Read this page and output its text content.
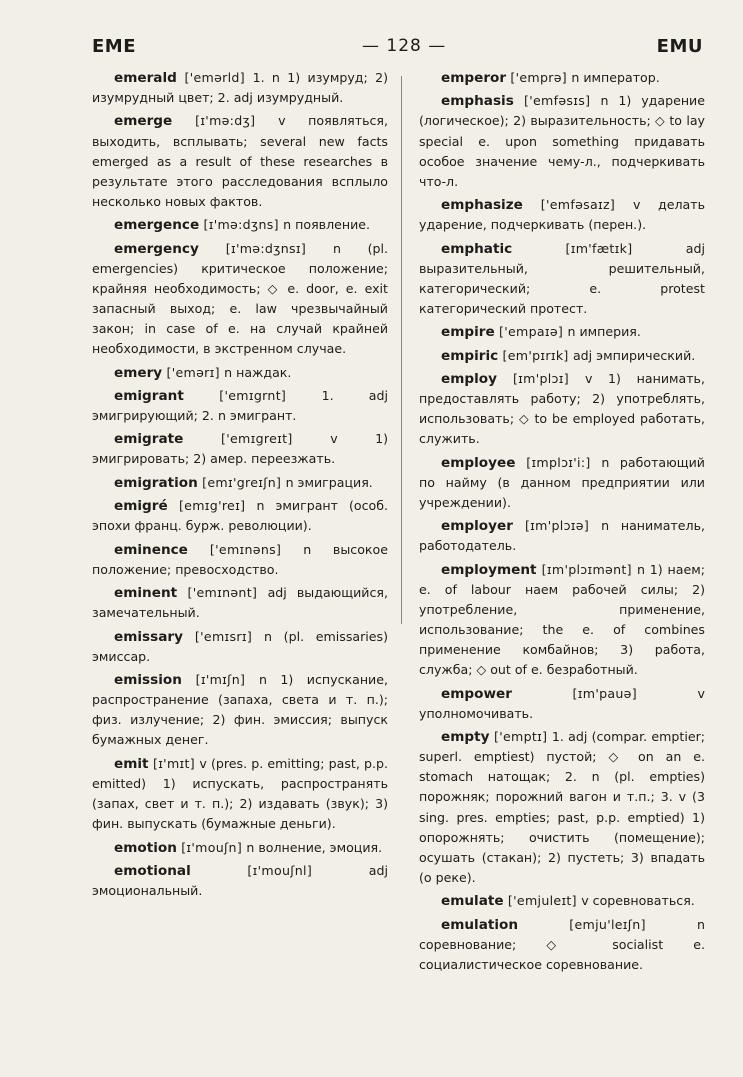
EME	— 128 —	EMU

emerald ['emərld] 1. n 1) изумруд; 2) изумрудный цвет; 2. adj изумрудный.

emerge [ɪ'mə:dʒ] v появляться, выходить, всплывать; several new facts emerged as a result of these researches в результате этого расследования всплыло несколько новых фактов.

emergence [ɪ'mə:dʒns] n появление.

emergency [ɪ'mə:dʒnsɪ] n (pl. emergencies) критическое положение; крайняя необходимость; ◇ e. door, e. exit запасный выход; e. law чрезвычайный закон; in case of e. на случай крайней необходимости, в экстренном случае.

emery ['emərɪ] n наждак.

emigrant ['emɪgrnt] 1. adj эмигрирующий; 2. n эмигрант.

emigrate ['emɪgreɪt] v 1) эмигрировать; 2) амер. переезжать.

emigration [emɪ'greɪʃn] n эмиграция.

emigré [emɪg'reɪ] n эмигрант (особ. эпохи франц. бурж. революции).

eminence ['emɪnəns] n высокое положение; превосходство.

eminent ['emɪnənt] adj выдающийся, замечательный.

emissary ['emɪsrɪ] n (pl. emissaries) эмиссар.

emission [ɪ'mɪʃn] n 1) испускание, распространение (запаха, света и т. п.); физ. излучение; 2) фин. эмиссия; выпуск бумажных денег.

emit [ɪ'mɪt] v (pres. p. emitting; past, p.p. emitted) 1) испускать, распространять (запах, свет и т. п.); 2) издавать (звук); 3) фин. выпускать (бумажные деньги).

emotion [ɪ'mouʃn] n волнение, эмоция.

emotional [ɪ'mouʃnl] adj эмоциональный.

emperor ['emprə] n император.

emphasis ['emfəsɪs] n 1) ударение (логическое); 2) выразительность; ◇ to lay special e. upon something придавать особое значение чему-л., подчеркивать что-л.

emphasize ['emfəsaɪz] v делать ударение, подчеркивать (перен.).

emphatic [ɪm'fætɪk] adj выразительный, решительный, категорический; e. protest категорический протест.

empire ['empaɪə] n империя.

empiric [em'pɪrɪk] adj эмпирический.

employ [ɪm'plɔɪ] v 1) нанимать, предоставлять работу; 2) употреблять, использовать; ◇ to be employed работать, служить.

employee [ɪmplɔɪ'i:] n работающий по найму (в данном предприятии или учреждении).

employer [ɪm'plɔɪə] n наниматель, работодатель.

employment [ɪm'plɔɪmənt] n 1) наем; e. of labour наем рабочей силы; 2) употребление, применение, использование; the e. of combines применение комбайнов; 3) работа, служба; ◇ out of e. безработный.

empower [ɪm'pauə] v уполномочивать.

empty ['emptɪ] 1. adj (compar. emptier; superl. emptiest) пустой; ◇ on an e. stomach натощак; 2. n (pl. empties) порожняк; порожний вагон и т.п.; 3. v (3 sing. pres. empties; past, p.p. emptied) 1) опорожнять; очистить (помещение); осушать (стакан); 2) пустеть; 3) впадать (о реке).

emulate ['emjuleɪt] v соревноваться.

emulation [emju'leɪʃn] n соревнование; ◇ socialist e. социалистическое соревнование.
